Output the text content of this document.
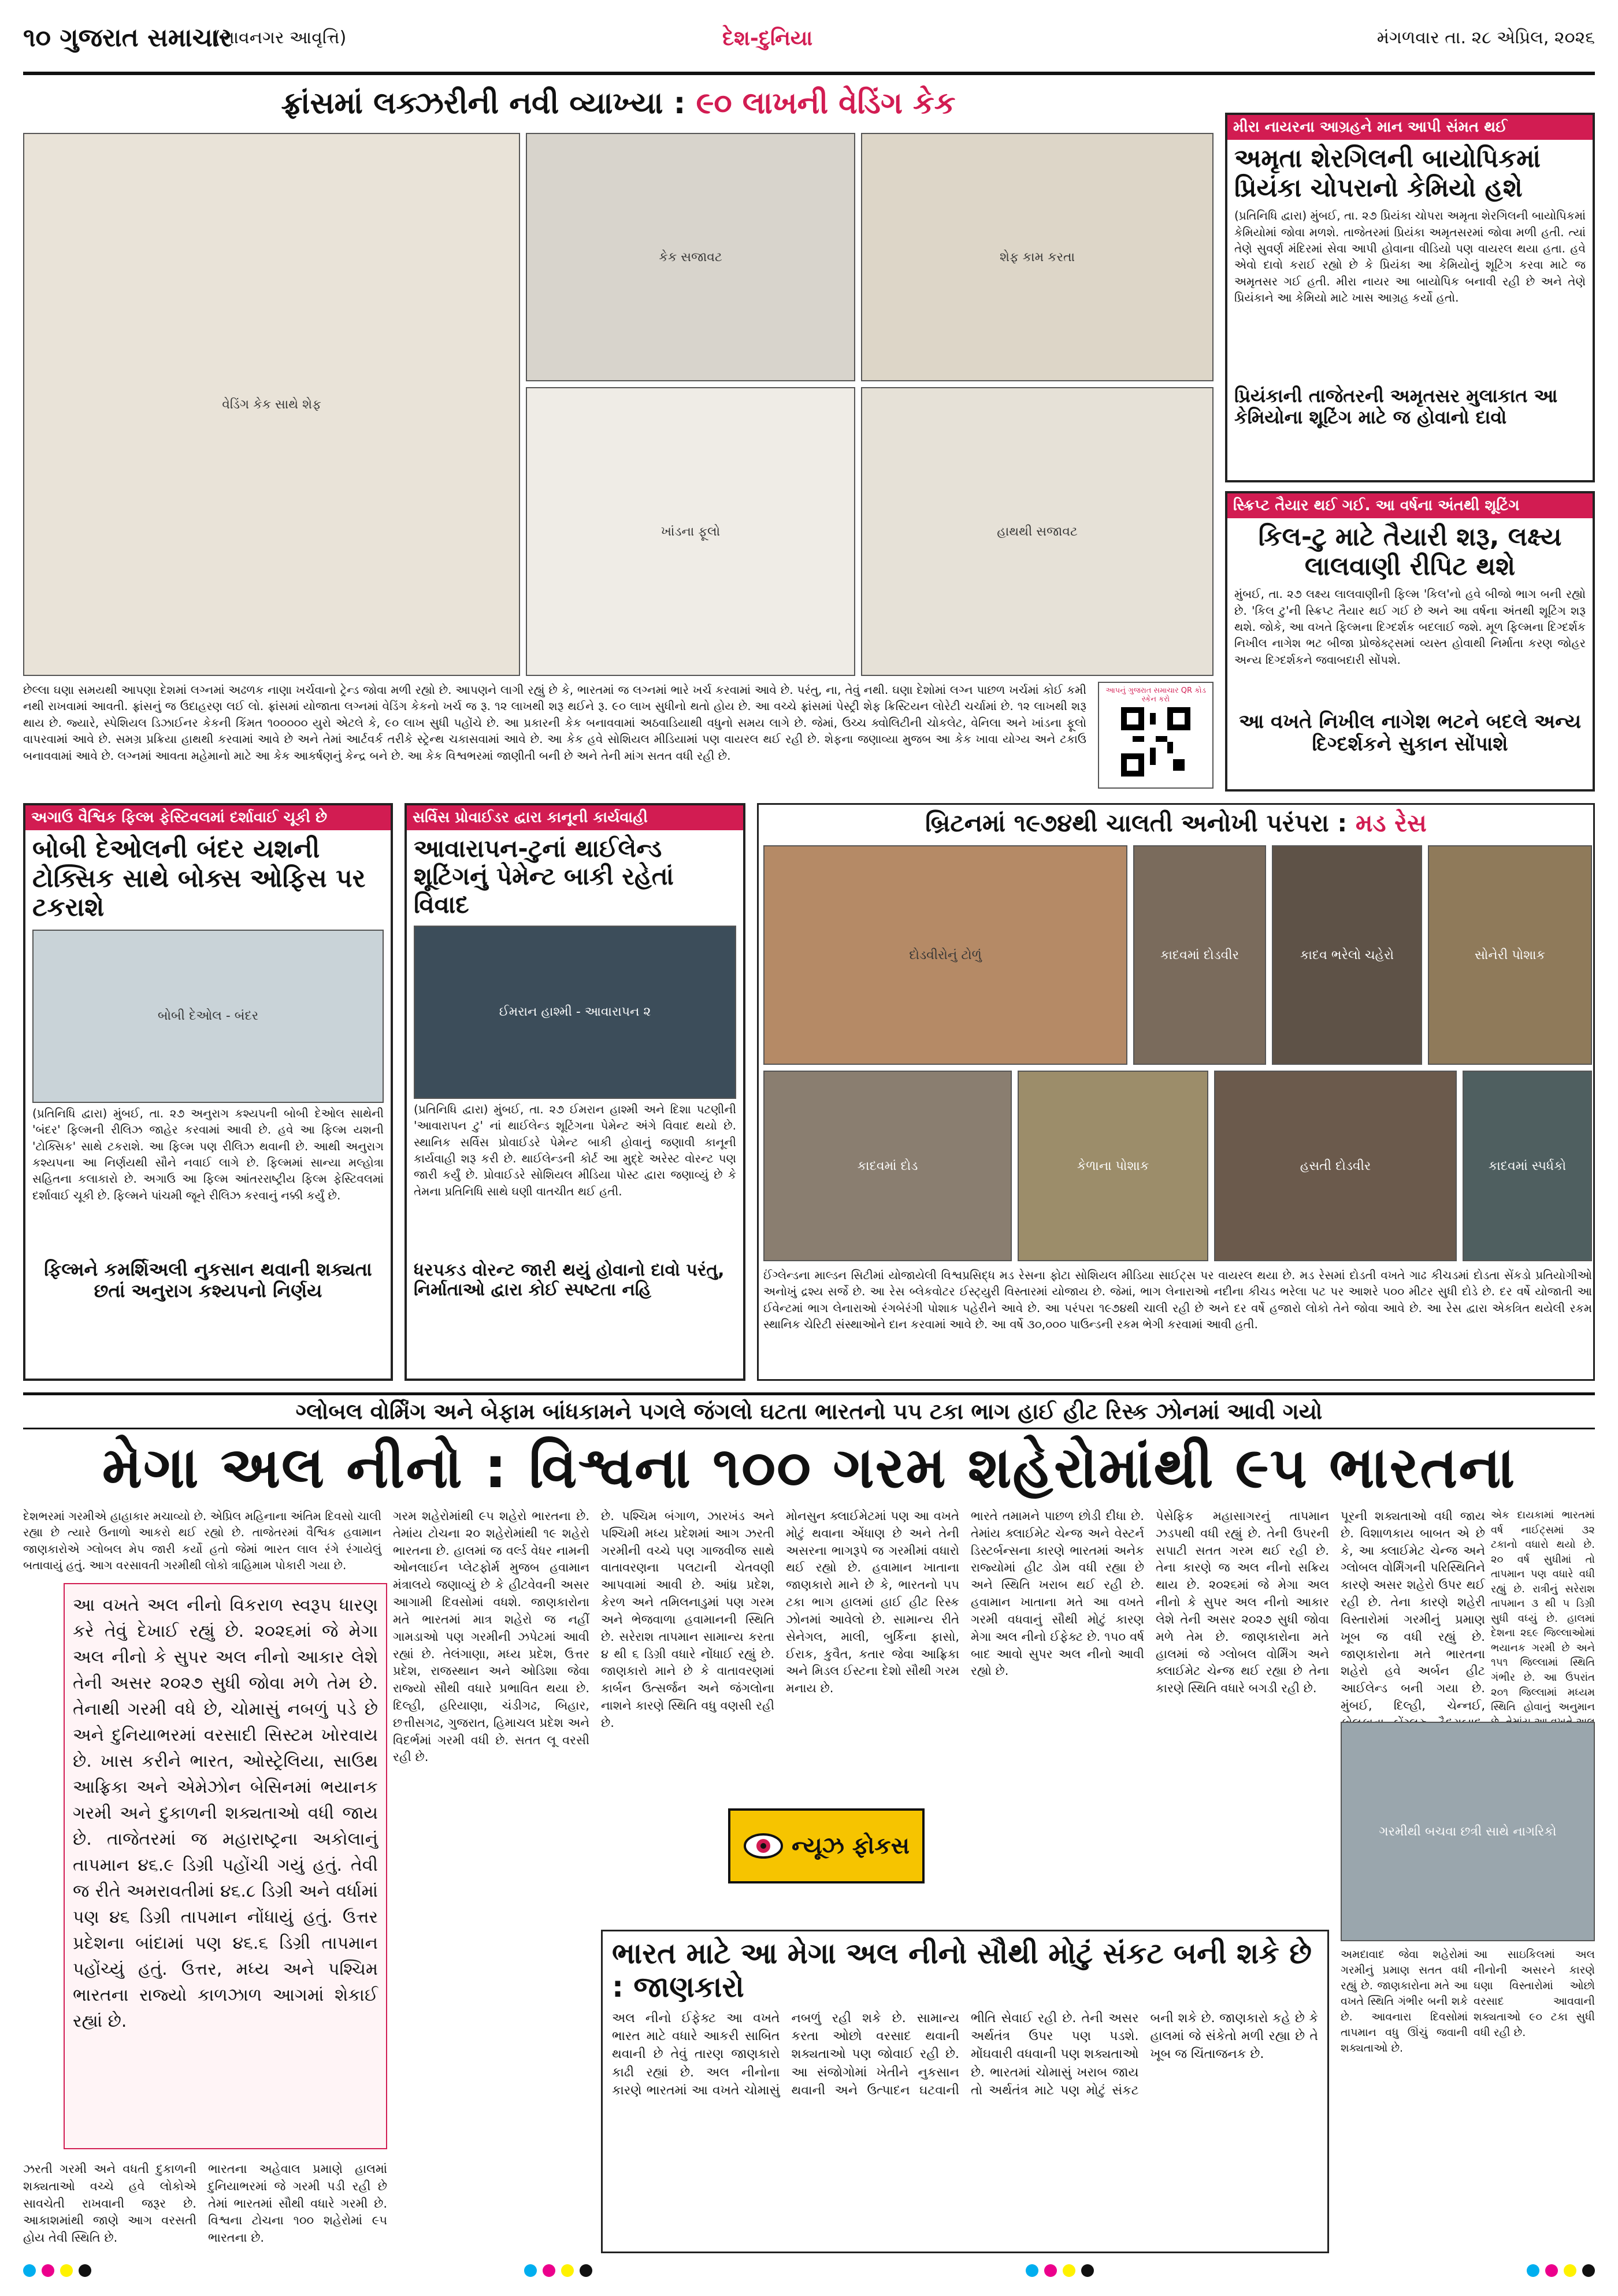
૧૦ ગુજરાત સમાચાર
(ભાવનગર આવૃત્તિ)	દેશ-દુનિયા	મંગળવાર તા. ૨૮ એપ્રિલ, ૨૦૨૬
ફ્રાંસમાં લક્ઝરીની નવી વ્યાખ્યા : ૯૦ લાખની વેડિંગ કેક
વેડિંગ કેક સાથે શેફ
કેક સજાવટ	શેફ કામ કરતા
ખાંડના ફૂલો	હાથથી સજાવટ
છેલ્લા ઘણા સમયથી આપણા દેશમાં લગ્નમાં અઢળક નાણા ખર્ચવાનો ટ્રેન્ડ જોવા મળી રહ્યો છે. આપણને લાગી રહ્યું છે કે, ભારતમાં જ લગ્નમાં ભારે ખર્ચ કરવામાં આવે છે. પરંતુ, ના, તેવું નથી. ઘણા દેશોમાં લગ્ન પાછળ ખર્ચમાં કોઈ કમી નથી રાખવામાં આવતી. ફ્રાંસનું જ ઉદાહરણ લઈ લો. ફ્રાંસમાં યોજાતા લગ્નમાં વેડિંગ કેકનો ખર્ચ જ રૂ. ૧૨ લાખથી શરૂ થઈને રૂ. ૯૦ લાખ સુધીનો થતો હોય છે. આ વચ્ચે ફ્રાંસમાં પેસ્ટ્રી શેફ ક્રિસ્ટિયન લોરેટી ચર્ચામાં છે. ૧૨ લાખથી શરૂ થાય છે. જ્યારે, સ્પેશિયલ ડિઝાઈનર કેકની કિંમત ૧૦૦૦૦૦ યુરો એટલે કે, ૯૦ લાખ સુધી પહોંચે છે. આ પ્રકારની કેક બનાવવામાં અઠવાડિયાથી વધુનો સમય લાગે છે. જેમાં, ઉચ્ચ ક્વોલિટીની ચોકલેટ, વેનિલા અને ખાંડના ફૂલો વાપરવામાં આવે છે. સમગ્ર પ્રક્રિયા હાથથી કરવામાં આવે છે અને તેમાં આર્ટવર્ક તરીકે સ્ટ્રેન્થ ચકાસવામાં આવે છે. આ કેક હવે સોશિયલ મીડિયામાં પણ વાયરલ થઈ રહી છે. શેફના જણાવ્યા મુજબ આ કેક ખાવા યોગ્ય અને ટકાઉ બનાવવામાં આવે છે. લગ્નમાં આવતા મહેમાનો માટે આ કેક આકર્ષણનું કેન્દ્ર બને છે. આ કેક વિશ્વભરમાં જાણીતી બની છે અને તેની માંગ સતત વધી રહી છે.
આપનું ગુજરાત સમાચાર QR કોડ સ્કેન કરો
મીરા નાયરના આગ્રહને માન આપી સંમત થઈ
અમૃતા શેરગિલની બાયોપિકમાં પ્રિયંકા ચોપરાનો કેમિયો હશે
(પ્રતિનિધિ દ્વારા) મુંબઈ, તા. ૨૭ પ્રિયંકા ચોપરા અમૃતા શેરગિલની બાયોપિકમાં કેમિયોમાં જોવા મળશે. તાજેતરમાં પ્રિયંકા અમૃતસરમાં જોવા મળી હતી. ત્યાં તેણે સુવર્ણ મંદિરમાં સેવા આપી હોવાના વીડિયો પણ વાયરલ થયા હતા. હવે એવો દાવો કરાઈ રહ્યો છે કે પ્રિયંકા આ કેમિયોનું શૂટિંગ કરવા માટે જ અમૃતસર ગઈ હતી. મીરા નાયર આ બાયોપિક બનાવી રહી છે અને તેણે પ્રિયંકાને આ કેમિયો માટે ખાસ આગ્રહ કર્યો હતો.
પ્રિયંકાની તાજેતરની અમૃતસર મુલાકાત આ કેમિયોના શૂટિંગ માટે જ હોવાનો દાવો
સ્ક્રિપ્ટ તૈયાર થઈ ગઈ. આ વર્ષના અંતથી શૂટિંગ
કિલ-ટુ માટે તૈયારી શરૂ, લક્ષ્ય લાલવાણી રીપિટ થશે
મુંબઈ, તા. ૨૭ લક્ષ્ય લાલવાણીની ફિલ્મ 'કિલ'નો હવે બીજો ભાગ બની રહ્યો છે. 'કિલ ટુ'ની સ્ક્રિપ્ટ તૈયાર થઈ ગઈ છે અને આ વર્ષના અંતથી શૂટિંગ શરૂ થશે. જોકે, આ વખતે ફિલ્મના દિગ્દર્શક બદલાઈ જશે. મૂળ ફિલ્મના દિગ્દર્શક નિખીલ નાગેશ ભટ બીજા પ્રોજેક્ટ્સમાં વ્યસ્ત હોવાથી નિર્માતા કરણ જોહર અન્ય દિગ્દર્શકને જવાબદારી સોંપશે.
આ વખતે નિખીલ નાગેશ ભટને બદલે અન્ય દિગ્દર્શકને સુકાન સોંપાશે
અગાઉ વૈશ્વિક ફિલ્મ ફેસ્ટિવલમાં દર્શાવાઈ ચૂકી છે
બોબી દેઓલની બંદર યશની ટોક્સિક સાથે બોક્સ ઓફિસ પર ટકરાશે
બોબી દેઓલ - બંદર
(પ્રતિનિધિ દ્વારા) મુંબઈ, તા. ૨૭ અનુરાગ કશ્યપની બોબી દેઓલ સાથેની 'બંદર' ફિલ્મની રીલિઝ જાહેર કરવામાં આવી છે. હવે આ ફિલ્મ યશની 'ટોક્સિક' સાથે ટકરાશે. આ ફિલ્મ પણ રીલિઝ થવાની છે. આથી અનુરાગ કશ્યપના આ નિર્ણયથી સૌને નવાઈ લાગે છે. ફિલ્મમાં સાન્યા મલ્હોત્રા સહિતના કલાકારો છે. અગાઉ આ ફિલ્મ આંતરરાષ્ટ્રીય ફિલ્મ ફેસ્ટિવલમાં દર્શાવાઈ ચૂકી છે. ફિલ્મને પાંચમી જૂને રીલિઝ કરવાનું નક્કી કર્યું છે.
ફિલ્મને કમર્શિઅલી નુકસાન થવાની શક્યતા છતાં અનુરાગ કશ્યપનો નિર્ણય
સર્વિસ પ્રોવાઈડર દ્વારા કાનૂની કાર્યવાહી
આવારાપન-ટુનાં થાઈલેન્ડ શૂટિંગનું પેમેન્ટ બાકી રહેતાં વિવાદ
ઈમરાન હાશ્મી - આવારાપન ૨
(પ્રતિનિધિ દ્વારા) મુંબઈ, તા. ૨૭ ઈમરાન હાશ્મી અને દિશા પટણીની 'આવારાપન ટુ' નાં થાઈલેન્ડ શૂટિંગના પેમેન્ટ અંગે વિવાદ થયો છે. સ્થાનિક સર્વિસ પ્રોવાઈડરે પેમેન્ટ બાકી હોવાનું જણાવી કાનૂની કાર્યવાહી શરૂ કરી છે. થાઈલેન્ડની કોર્ટ આ મુદ્દે અરેસ્ટ વોરન્ટ પણ જારી કર્યું છે. પ્રોવાઈડરે સોશિયલ મીડિયા પોસ્ટ દ્વારા જણાવ્યું છે કે તેમના પ્રતિનિધિ સાથે ઘણી વાતચીત થઈ હતી.
ધરપકડ વોરન્ટ જારી થયું હોવાનો દાવો પરંતુ, નિર્માતાઓ દ્વારા કોઈ સ્પષ્ટતા નહિ
બ્રિટનમાં ૧૯૭૪થી ચાલતી અનોખી પરંપરા : મડ રેસ
દોડવીરોનું ટોળું	કાદવમાં દોડવીર	કાદવ ભરેલો ચહેરો	સોનેરી પોશાક
કાદવમાં દોડ	કેળાના પોશાક	હસતી દોડવીર	કાદવમાં સ્પર્ધકો
ઈંગ્લેન્ડના માલ્ડન સિટીમાં યોજાયેલી વિશ્વપ્રસિદ્ધ મડ રેસના ફોટા સોશિયલ મીડિયા સાઈટ્સ પર વાયરલ થયા છે. મડ રેસમાં દોડતી વખતે ગાઢ કીચડમાં દોડતા સેંકડો પ્રતિયોગીઓ અનોખું દ્રશ્ય સર્જે છે. આ રેસ બ્લેકવોટર ઈસ્ટ્યુરી વિસ્તારમાં યોજાય છે. જેમાં, ભાગ લેનારાઓ નદીના કીચડ ભરેલા પટ પર આશરે ૫૦૦ મીટર સુધી દોડે છે. દર વર્ષે યોજાતી આ ઈવેન્ટમાં ભાગ લેનારાઓ રંગબેરંગી પોશાક પહેરીને આવે છે. આ પરંપરા ૧૯૭૪થી ચાલી રહી છે અને દર વર્ષે હજારો લોકો તેને જોવા આવે છે. આ રેસ દ્વારા એકત્રિત થયેલી રકમ સ્થાનિક ચેરિટી સંસ્થાઓને દાન કરવામાં આવે છે. આ વર્ષે ૩૦,૦૦૦ પાઉન્ડની રકમ ભેગી કરવામાં આવી હતી.
ગ્લોબલ વોર્મિંગ અને બેફામ બાંધકામને પગલે જંગલો ઘટતા ભારતનો ૫૫ ટકા ભાગ હાઈ હીટ રિસ્ક ઝોનમાં આવી ગયો
મેગા અલ નીનો : વિશ્વના ૧૦૦ ગરમ શહેરોમાંથી ૯૫ ભારતના
દેશભરમાં ગરમીએ હાહાકાર મચાવ્યો છે. એપ્રિલ મહિનાના અંતિમ દિવસો ચાલી રહ્યા છે ત્યારે ઉનાળો આકરો થઈ રહ્યો છે. તાજેતરમાં વૈશ્વિક હવામાન જાણકારોએ ગ્લોબલ મેપ જારી કર્યો હતો જેમાં ભારત લાલ રંગે રંગાયેલું બતાવાયું હતું. આગ વરસાવતી ગરમીથી લોકો ત્રાહિમામ પોકારી ગયા છે.
આ વખતે અલ નીનો વિકરાળ સ્વરૂપ ધારણ કરે તેવું દેખાઈ રહ્યું છે. ૨૦૨૬માં જે મેગા અલ નીનો કે સુપર અલ નીનો આકાર લેશે તેની અસર ૨૦૨૭ સુધી જોવા મળે તેમ છે. તેનાથી ગરમી વધે છે, ચોમાસું નબળું પડે છે અને દુનિયાભરમાં વરસાદી સિસ્ટમ ખોરવાય છે. ખાસ કરીને ભારત, ઓસ્ટ્રેલિયા, સાઉથ આફ્રિકા અને એમેઝોન બેસિનમાં ભયાનક ગરમી અને દુકાળની શક્યતાઓ વધી જાય છે. તાજેતરમાં જ મહારાષ્ટ્રના અકોલાનું તાપમાન ૪૬.૯ ડિગ્રી પહોંચી ગયું હતું. તેવી જ રીતે અમરાવતીમાં ૪૬.૮ ડિગ્રી અને વર્ધામાં પણ ૪૬ ડિગ્રી તાપમાન નોંધાયું હતું. ઉત્તર પ્રદેશના બાંદામાં પણ ૪૬.૬ ડિગ્રી તાપમાન પહોંચ્યું હતું. ઉત્તર, મધ્ય અને પશ્ચિમ ભારતના રાજ્યો કાળઝાળ આગમાં શેકાઈ રહ્યાં છે.
ગરમ શહેરોમાંથી ૯૫ શહેરો ભારતના છે. તેમાંય ટોચના ૨૦ શહેરોમાંથી ૧૯ શહેરો ભારતના છે. હાલમાં જ વર્લ્ડ વેધર નામની ઓનલાઈન પ્લેટફોર્મ મુજબ હવામાન મંત્રાલયે જણાવ્યું છે કે હીટવેવની અસર આગામી દિવસોમાં વધશે. જાણકારોના મતે ભારતમાં માત્ર શહેરો જ નહીં ગામડાઓ પણ ગરમીની ઝપેટમાં આવી રહ્યાં છે. તેલંગાણા, મધ્ય પ્રદેશ, ઉત્તર પ્રદેશ, રાજસ્થાન અને ઓડિશા જેવા રાજ્યો સૌથી વધારે પ્રભાવિત થયા છે. દિલ્હી, હરિયાણા, ચંડીગઢ, બિહાર, છત્તીસગઢ, ગુજરાત, હિમાચલ પ્રદેશ અને વિદર્ભમાં ગરમી વધી છે. સતત લૂ વરસી રહી છે.
છે. પશ્ચિમ બંગાળ, ઝારખંડ અને પશ્ચિમી મધ્ય પ્રદેશમાં આગ ઝરતી ગરમીની વચ્ચે પણ ગાજવીજ સાથે વાતાવરણના પલટાની ચેતવણી આપવામાં આવી છે. આંધ્ર પ્રદેશ, કેરળ અને તમિલનાડુમાં પણ ગરમ અને ભેજવાળા હવામાનની સ્થિતિ છે. સરેરાશ તાપમાન સામાન્ય કરતા ૪ થી ૬ ડિગ્રી વધારે નોંધાઈ રહ્યું છે. જાણકારો માને છે કે વાતાવરણમાં કાર્બન ઉત્સર્જન અને જંગલોના નાશને કારણે સ્થિતિ વધુ વણસી રહી છે.
મોનસુન ક્લાઈમેટમાં પણ આ વખતે મોટું થવાના એંધાણ છે અને તેની અસરના ભાગરૂપે જ ગરમીમાં વધારો થઈ રહ્યો છે. હવામાન ખાતાના જાણકારો માને છે કે, ભારતનો ૫૫ ટકા ભાગ હાલમાં હાઈ હીટ રિસ્ક ઝોનમાં આવેલો છે. સામાન્ય રીતે સેનેગલ, માલી, બુર્કિના ફાસો, ઈરાક, કુવૈત, કતાર જેવા આફ્રિકા અને મિડલ ઈસ્ટના દેશો સૌથી ગરમ મનાય છે.
ભારતે તમામને પાછળ છોડી દીધા છે. તેમાંય ક્લાઈમેટ ચેન્જ અને વેસ્ટર્ન ડિસ્ટર્બન્સના કારણે ભારતમાં અનેક રાજ્યોમાં હીટ ડોમ વધી રહ્યા છે અને સ્થિતિ ખરાબ થઈ રહી છે. હવામાન ખાતાના મતે આ વખતે ગરમી વધવાનું સૌથી મોટું કારણ મેગા અલ નીનો ઈફેક્ટ છે. ૧૫૦ વર્ષ બાદ આવો સુપર અલ નીનો આવી રહ્યો છે.
પેસેફિક મહાસાગરનું તાપમાન ઝડપથી વધી રહ્યું છે. તેની ઉપરની સપાટી સતત ગરમ થઈ રહી છે. તેના કારણે જ અલ નીનો સક્રિય થાય છે. ૨૦૨૬માં જે મેગા અલ નીનો કે સુપર અલ નીનો આકાર લેશે તેની અસર ૨૦૨૭ સુધી જોવા મળે તેમ છે. જાણકારોના મતે હાલમાં જે ગ્લોબલ વોર્મિંગ અને ક્લાઈમેટ ચેન્જ થઈ રહ્યા છે તેના કારણે સ્થિતિ વધારે બગડી રહી છે.
પૂરની શક્યતાઓ વધી જાય છે. વિશાળકાય બાબત એ છે કે, આ ક્લાઈમેટ ચેન્જ અને ગ્લોબલ વોર્મિંગની પરિસ્થિતિને કારણે અસર શહેરો ઉપર થઈ રહી છે. તેના કારણે શહેરી વિસ્તારોમાં ગરમીનું પ્રમાણ ખૂબ જ વધી રહ્યું છે. જાણકારોના મતે ભારતના શહેરો હવે અર્બન હીટ આઈલેન્ડ બની ગયા છે. મુંબઈ, દિલ્હી, ચેન્નઈ,
એક દાયકામાં ભારતમાં વર્ષ નાઈટ્સમાં ૩૨ ટકાનો વધારો થયો છે. ૨૦ વર્ષ સુધીમાં તો તાપમાન પણ વધારે વધી રહ્યું છે. રાત્રીનું સરેરાશ તાપમાન ૩ થી ૫ ડિગ્રી સુધી વધ્યું છે. હાલમાં દેશના ૨૬૯ જિલ્લાઓમાં ભયાનક ગરમી છે અને ૧૫૧ જિલ્લામાં સ્થિતિ ગંભીર છે. આ ઉપરાંત ૨૦૧ જિલ્લામાં મધ્યમ સ્થિતિ હોવાનું અનુમાન
ન્યૂઝ ફોકસ
ભારત માટે આ મેગા અલ નીનો સૌથી મોટું સંકટ બની શકે છે : જાણકારો
અલ નીનો ઈફેક્ટ આ વખતે ભારત માટે વધારે આકરી સાબિત થવાની છે તેવું તારણ જાણકારો કાઢી રહ્યાં છે. અલ નીનોના કારણે ભારતમાં આ વખતે ચોમાસું નબળું રહી શકે છે. સામાન્ય કરતા ઓછો વરસાદ થવાની શક્યતાઓ પણ જોવાઈ રહી છે. આ સંજોગોમાં ખેતીને નુકસાન થવાની અને ઉત્પાદન ઘટવાની ભીતિ સેવાઈ રહી છે. તેની અસર અર્થતંત્ર ઉપર પણ પડશે. મોંઘવારી વધવાની પણ શક્યતાઓ છે. ભારતમાં ચોમાસું ખરાબ જાય તો અર્થતંત્ર માટે પણ મોટું સંકટ બની શકે છે. જાણકારો કહે છે કે હાલમાં જે સંકેતો મળી રહ્યા છે તે ખૂબ જ ચિંતાજનક છે.
ગરમીથી બચવા છત્રી સાથે નાગરિકો
અમદાવાદ જેવા શહેરોમાં ગરમીનું પ્રમાણ સતત વધી રહ્યું છે. જાણકારોના મતે આ વખતે સ્થિતિ ગંભીર બની શકે છે. આવનારા દિવસોમાં તાપમાન વધુ ઊંચું જવાની શક્યતાઓ છે.
આ સાઇકિલમાં અલ નીનોની અસરને કારણે ઘણા વિસ્તારોમાં ઓછો વરસાદ આવવાની શક્યતાઓ ૯૦ ટકા સુધી વધી રહી છે.
ઝરતી ગરમી અને વધતી દુકાળની શક્યતાઓ વચ્ચે હવે લોકોએ સાવચેતી રાખવાની જરૂર છે. આકાશમાંથી જાણે આગ વરસતી હોય તેવી સ્થિતિ છે.
ભારતના અહેવાલ પ્રમાણે હાલમાં દુનિયાભરમાં જે ગરમી પડી રહી છે તેમાં ભારતમાં સૌથી વધારે ગરમી છે. વિશ્વના ટોચના ૧૦૦ શહેરોમાં ૯૫ ભારતના છે.
